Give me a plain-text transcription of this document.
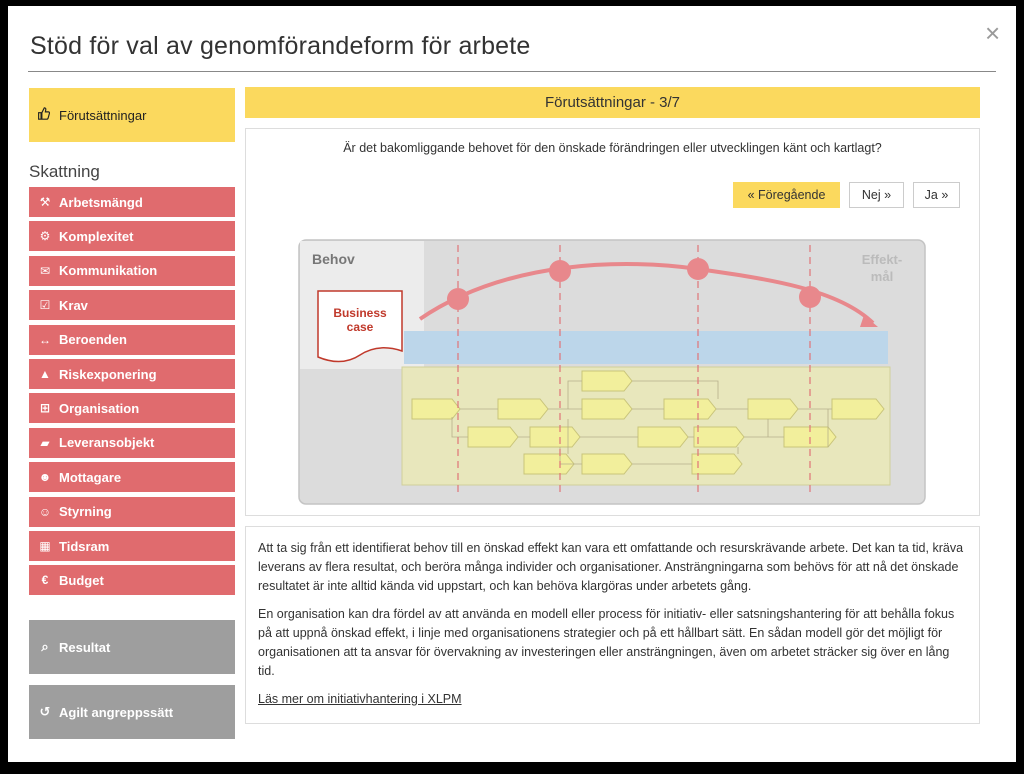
Stöd för val av genomförandeform för arbete	×
Förutsättningar
Skattning
Förutsättningar - 3/7
Är det bakomliggande behovet för den önskade förändringen eller utvecklingen känt och kartlagt?
« Föregående	Nej »	Ja »
Behov	Effekt-
mål
Business
case

Att ta sig från ett identifierat behov till en önskad effekt kan vara ett omfattande och resurskrävande arbete. Det kan ta tid, kräva leverans av flera resultat, och beröra många individer och organisationer. Ansträngningarna som behövs för att nå det önskade resultatet är inte alltid kända vid uppstart, och kan behöva klargöras under arbetets gång.

En organisation kan dra fördel av att använda en modell eller process för initiativ- eller satsningshantering för att behålla fokus på att uppnå önskad effekt, i linje med organisationens strategier och på ett hållbart sätt. En sådan modell gör det möjligt för organisationen att ta ansvar för övervakning av investeringen eller ansträngningen, även om arbetet sträcker sig över en lång tid.

Läs mer om initiativhantering i XLPM
⚒ Arbetsmängd
⚙ Komplexitet
✉ Kommunikation
☑ Krav
↔ Beroenden
▲ Riskexponering
⊞ Organisation
▰ Leveransobjekt
☻ Mottagare
☺ Styrning
▦ Tidsram
€ Budget
⌕ Resultat
↺ Agilt angreppssätt
